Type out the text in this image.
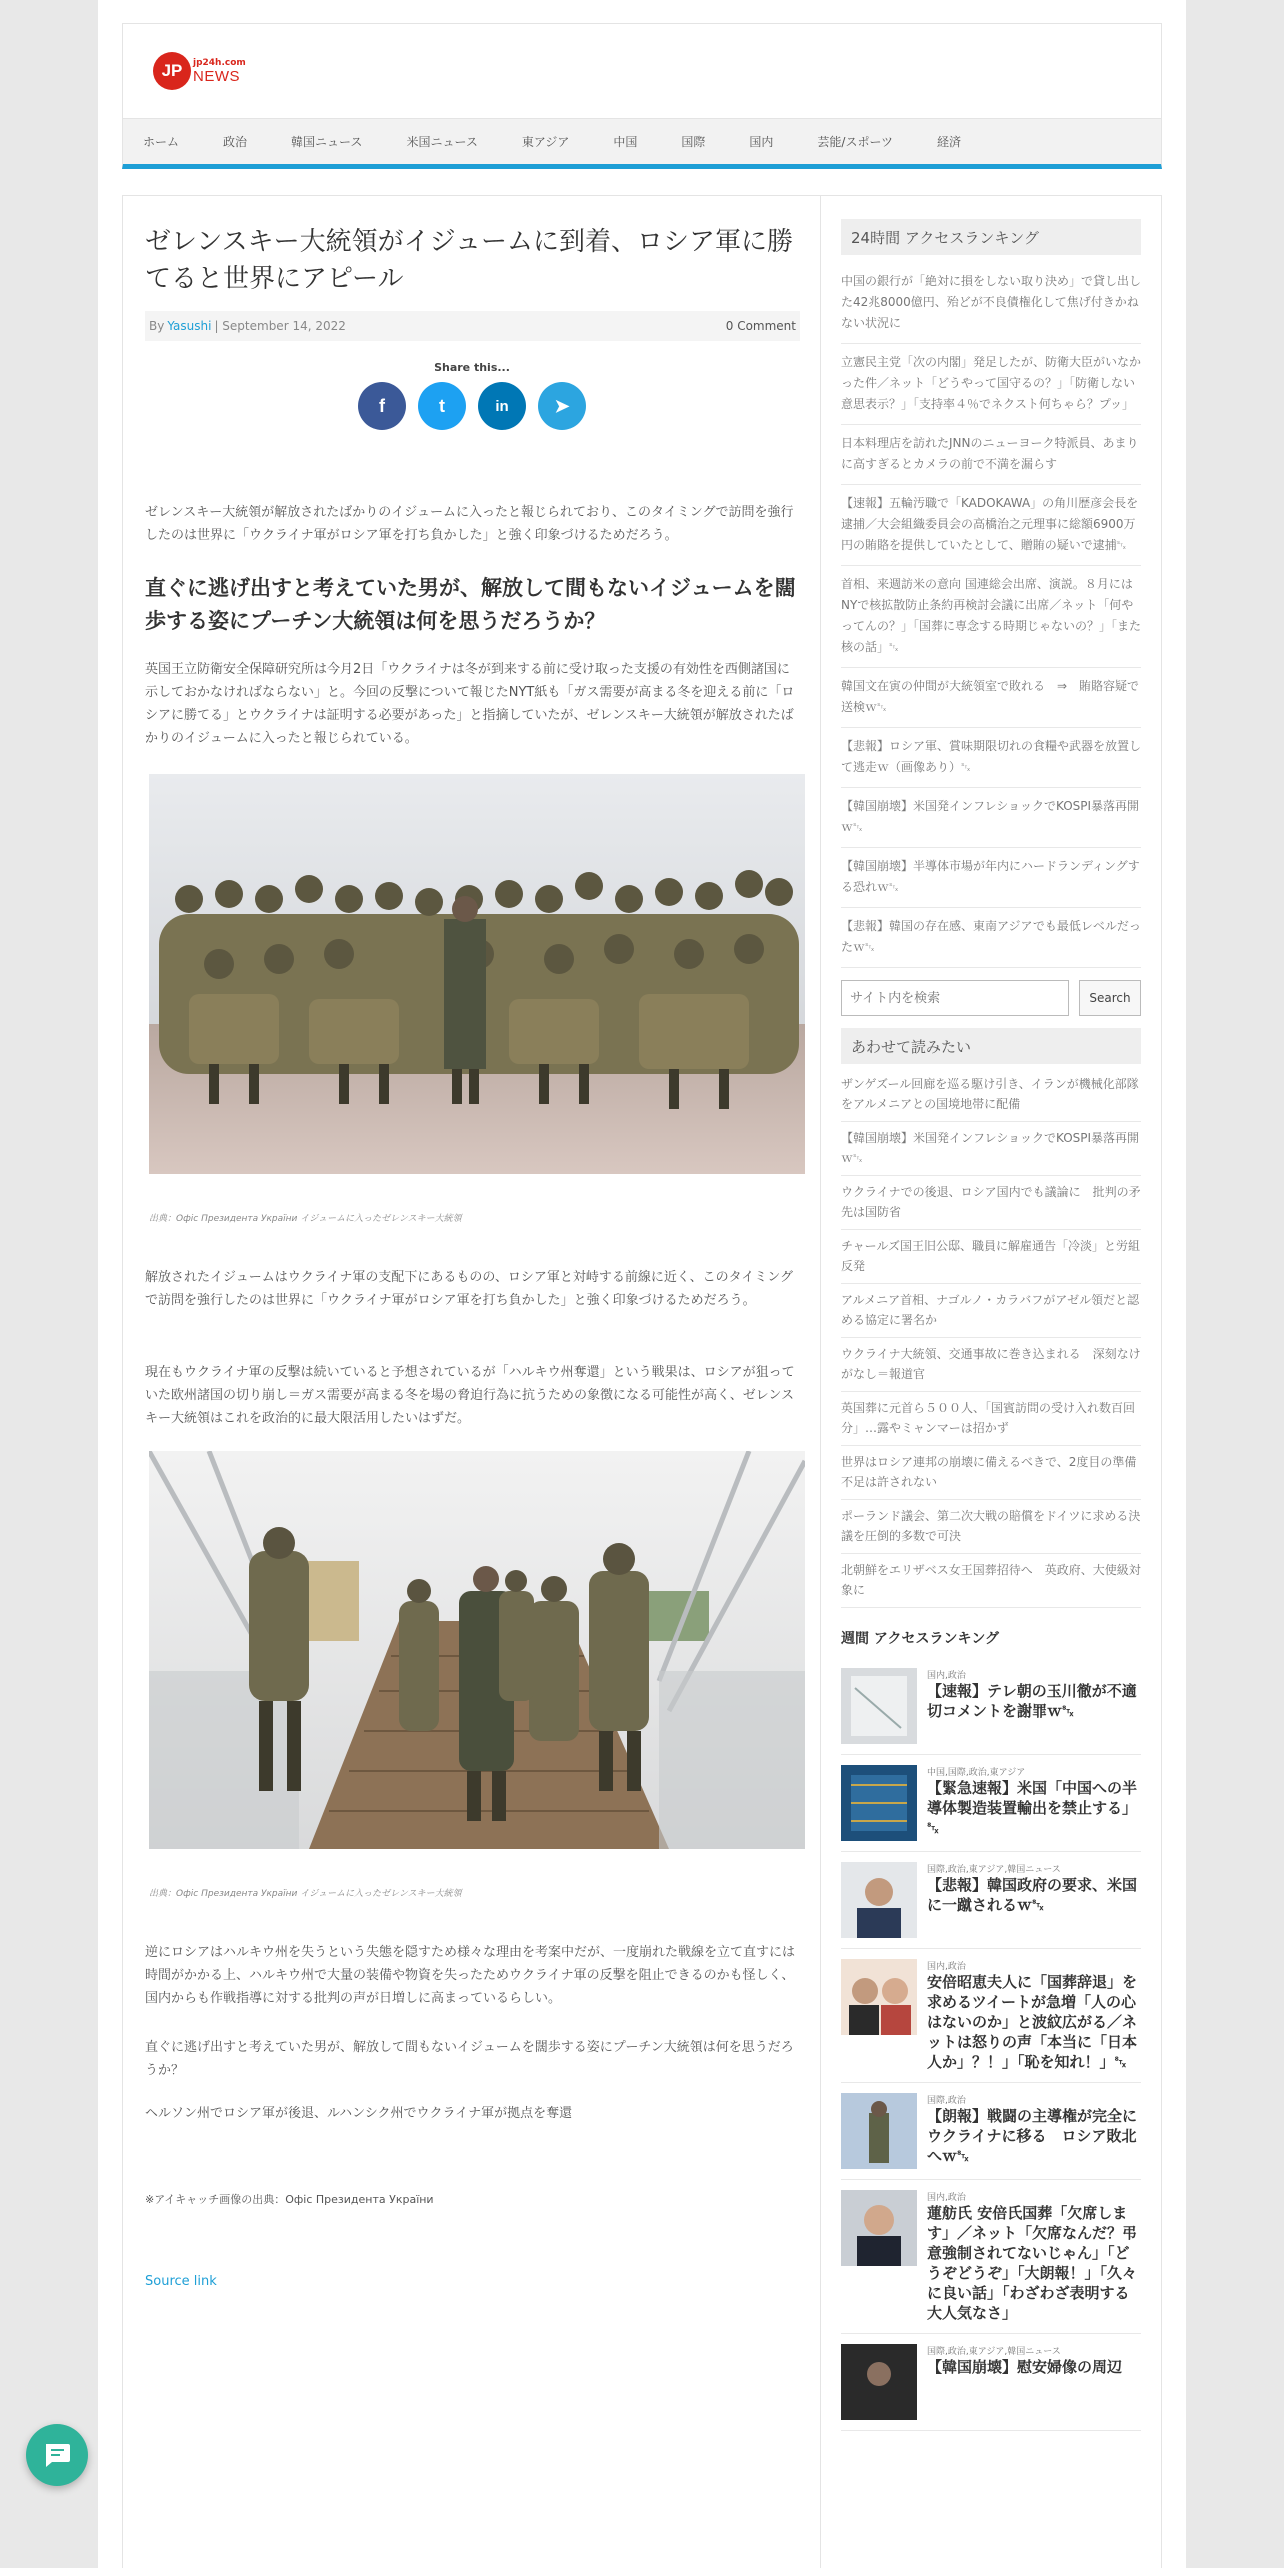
JP	jp24h.com
NEWS
ホーム	政治	韓国ニュース	米国ニュース	東アジア	中国	国際	国内	芸能/スポーツ	経済
ゼレンスキー大統領がイジュームに到着、ロシア軍に勝てると世界にアピール
By Yasushi | September 14, 2022	0 Comment
Share this...
f	t	in	➤

ゼレンスキー大統領が解放されたばかりのイジュームに入ったと報じられており、このタイミングで訪問を強行したのは世界に「ウクライナ軍がロシア軍を打ち負かした」と強く印象づけるためだろう。

直ぐに逃げ出すと考えていた男が、解放して間もないイジュームを闊歩する姿にプーチン大統領は何を思うだろうか？

英国王立防衛安全保障研究所は今月2日「ウクライナは冬が到来する前に受け取った支援の有効性を西側諸国に示しておかなければならない」と。今回の反撃について報じたNYT紙も「ガス需要が高まる冬を迎える前に「ロシアに勝てる」とウクライナは証明する必要があった」と指摘していたが、ゼレンスキー大統領が解放されたばかりのイジュームに入ったと報じられている。

出典：Офіс Президента України イジュームに入ったゼレンスキー大統領

解放されたイジュームはウクライナ軍の支配下にあるものの、ロシア軍と対峙する前線に近く、このタイミングで訪問を強行したのは世界に「ウクライナ軍がロシア軍を打ち負かした」と強く印象づけるためだろう。

現在もウクライナ軍の反撃は続いていると予想されているが「ハルキウ州奪還」という戦果は、ロシアが狙っていた欧州諸国の切り崩し＝ガス需要が高まる冬を場の脅迫行為に抗うための象徴になる可能性が高く、ゼレンスキー大統領はこれを政治的に最大限活用したいはずだ。

出典：Офіс Президента України イジュームに入ったゼレンスキー大統領

逆にロシアはハルキウ州を失うという失態を隠すため様々な理由を考案中だが、一度崩れた戦線を立て直すには時間がかかる上、ハルキウ州で大量の装備や物資を失ったためウクライナ軍の反撃を阻止できるのかも怪しく、国内からも作戦指導に対する批判の声が日増しに高まっているらしい。

直ぐに逃げ出すと考えていた男が、解放して間もないイジュームを闊歩する姿にプーチン大統領は何を思うだろうか？

ヘルソン州でロシア軍が後退、ルハンシク州でウクライナ軍が拠点を奪還

※アイキャッチ画像の出典：Офіс Президента України
Source link
24時間 アクセスランキング
中国の銀行が「絶対に損をしない取り決め」で貸し出した42兆8000億円、殆どが不良債権化して焦げ付きかねない状況に
立憲民主党「次の内閣」発足したが、防衛大臣がいなかった件／ネット「どうやって国守るの？」「防衛しない意思表示？」「支持率４％でネクスト何ちゃら？プッ」
日本料理店を訪れたJNNのニューヨーク特派員、あまりに高すぎるとカメラの前で不満を漏らす
【速報】五輪汚職で「KADOKAWA」の角川歴彦会長を逮捕／大会組織委員会の高橋治之元理事に総額6900万円の賄賂を提供していたとして、贈賄の疑いで逮捕␂
首相、来週訪米の意向 国連総会出席、演説。８月にはNYで核拡散防止条約再検討会議に出席／ネット「何やってんの？」「国葬に専念する時期じゃないの？」「また核の話」␂
韓国文在寅の仲間が大統領室で敗れる　⇒　賄賂容疑で送検ｗ␂
【悲報】ロシア軍、賞味期限切れの食糧や武器を放置して逃走ｗ（画像あり）␂
【韓国崩壊】米国発インフレショックでKOSPI暴落再開ｗ␂
【韓国崩壊】半導体市場が年内にハードランディングする恐れｗ␂
【悲報】韓国の存在感、東南アジアでも最低レベルだったｗ␂
サイト内を検索
Search
あわせて読みたい
ザンゲズール回廊を巡る駆け引き、イランが機械化部隊をアルメニアとの国境地帯に配備
【韓国崩壊】米国発インフレショックでKOSPI暴落再開ｗ␂
ウクライナでの後退、ロシア国内でも議論に　批判の矛先は国防省
チャールズ国王旧公邸、職員に解雇通告「冷淡」と労組反発
アルメニア首相、ナゴルノ・カラバフがアゼル領だと認める協定に署名か
ウクライナ大統領、交通事故に巻き込まれる　深刻なけがなし＝報道官
英国葬に元首ら５００人、「国賓訪問の受け入れ数百回分」…露やミャンマーは招かず
世界はロシア連邦の崩壊に備えるべきで、2度目の準備不足は許されない
ポーランド議会、第二次大戦の賠償をドイツに求める決議を圧倒的多数で可決
北朝鮮をエリザベス女王国葬招待へ　英政府、大使級対象に
週間 アクセスランキング
国内,政治
【速報】テレ朝の玉川徹が不適切コメントを謝罪ｗ␂
中国,国際,政治,東アジア
【緊急速報】米国「中国への半導体製造装置輸出を禁止する」␂
国際,政治,東アジア,韓国ニュース
【悲報】韓国政府の要求、米国に一蹴されるｗ␂
国内,政治
安倍昭恵夫人に「国葬辞退」を求めるツイートが急増「人の心はないのか」と波紋広がる／ネットは怒りの声「本当に「日本人か」？！」「恥を知れ！」␂
国際,政治
【朗報】戦闘の主導権が完全にウクライナに移る　ロシア敗北へｗ␂
国内,政治
蓮舫氏 安倍氏国葬「欠席します」／ネット「欠席なんだ？弔意強制されてないじゃん」「どうぞどうぞ」「大朗報！」「久々に良い話」「わざわざ表明する大人気なさ」
国際,政治,東アジア,韓国ニュース
【韓国崩壊】慰安婦像の周辺
